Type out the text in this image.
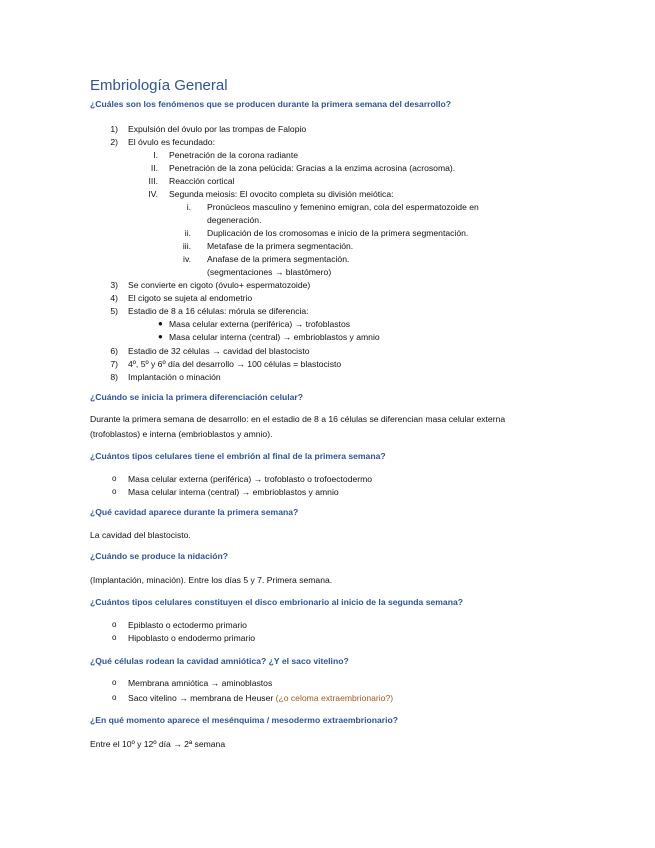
Embriología General
¿Cuáles son los fenómenos que se producen durante la primera semana del desarrollo?
1) Expulsión del óvulo por las trompas de Falopio
2) El óvulo es fecundado:
I. Penetración de la corona radiante
II. Penetración de la zona pelúcida: Gracias a la enzima acrosina (acrosoma).
III. Reacción cortical
IV. Segunda meiosis: El ovocito completa su división meiótica:
i. Pronúcleos masculino y femenino emigran, cola del espermatozoide en
degeneración.
ii. Duplicación de los cromosomas e inicio de la primera segmentación.
iii. Metafase de la primera segmentación.
iv. Anafase de la primera segmentación.
(segmentaciones → blastómero)
3) Se convierte en cigoto (óvulo+ espermatozoide)
4) El cigoto se sujeta al endometrio
5) Estadio de 8 a 16 células: mórula se diferencia:
● Masa celular externa (periférica) → trofoblastos
● Masa celular interna (central) → embrioblastos y amnio
6) Estadio de 32 células → cavidad del blastocisto
7) 4º, 5º y 6º día del desarrollo → 100 células = blastocisto
8) Implantación o minación
¿Cuándo se inicia la primera diferenciación celular?
Durante la primera semana de desarrollo: en el estadio de 8 a 16 células se diferencian masa celular externa
(trofoblastos) e interna (embrioblastos y amnio).
¿Cuántos tipos celulares tiene el embrión al final de la primera semana?
o Masa celular externa (periférica) → trofoblasto o trofoectodermo
o Masa celular interna (central) → embrioblastos y amnio
¿Qué cavidad aparece durante la primera semana?
La cavidad del blastocisto.
¿Cuándo se produce la nidación?
(Implantación, minación). Entre los días 5 y 7. Primera semana.
¿Cuántos tipos celulares constituyen el disco embrionario al inicio de la segunda semana?
o Epiblasto o ectodermo primario
o Hipoblasto o endodermo primario
¿Qué células rodean la cavidad amniótica? ¿Y el saco vitelino?
o Membrana amniótica → aminoblastos
o Saco vitelino → membrana de Heuser (¿o celoma extraembrionario?)
¿En qué momento aparece el mesénquima / mesodermo extraembrionario?
Entre el 10º y 12º día → 2ª semana
